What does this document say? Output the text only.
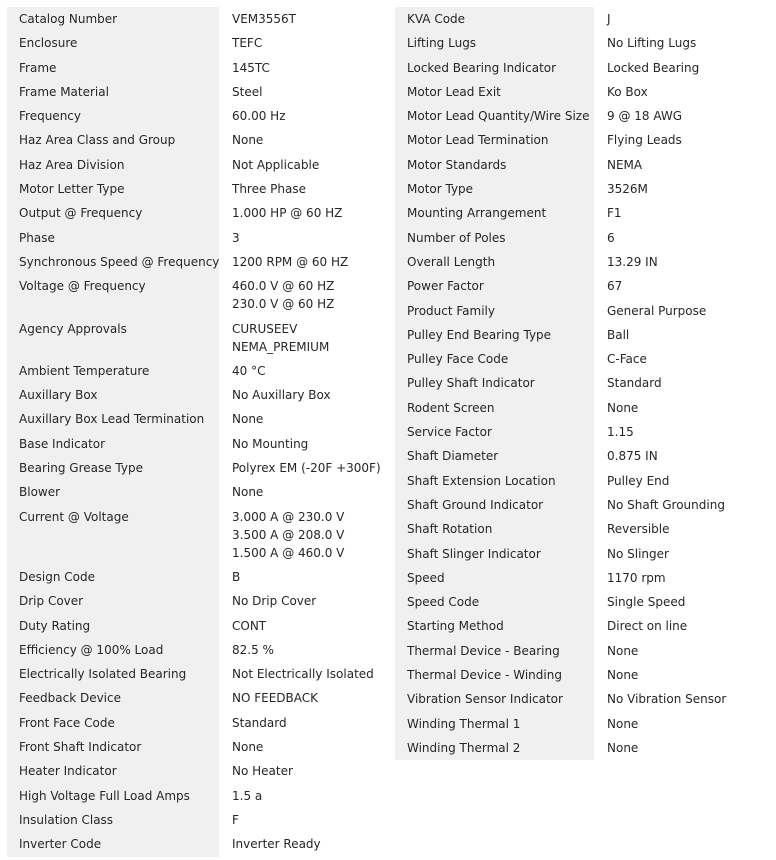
Catalog Number	VEM3556T
Enclosure	TEFC
Frame	145TC
Frame Material	Steel
Frequency	60.00 Hz
Haz Area Class and Group	None
Haz Area Division	Not Applicable
Motor Letter Type	Three Phase
Output @ Frequency	1.000 HP @ 60 HZ
Phase	3
Synchronous Speed @ Frequency 1200 RPM @ 60 HZ
Voltage @ Frequency	460.0 V @ 60 HZ
230.0 V @ 60 HZ
Agency Approvals	CURUSEEV
NEMA_PREMIUM
Ambient Temperature	40 °C
Auxillary Box	No Auxillary Box
Auxillary Box Lead Termination	None
Base Indicator	No Mounting
Bearing Grease Type	Polyrex EM (-20F +300F)
Blower	None
Current @ Voltage	3.000 A @ 230.0 V
3.500 A @ 208.0 V
1.500 A @ 460.0 V
Design Code	B
Drip Cover	No Drip Cover
Duty Rating	CONT
Efficiency @ 100% Load	82.5 %
Electrically Isolated Bearing	Not Electrically Isolated
Feedback Device	NO FEEDBACK
Front Face Code	Standard
Front Shaft Indicator	None
Heater Indicator	No Heater
High Voltage Full Load Amps	1.5 a
Insulation Class	F
Inverter Code	Inverter Ready
KVA Code	J
Lifting Lugs	No Lifting Lugs
Locked Bearing Indicator	Locked Bearing
Motor Lead Exit	Ko Box
Motor Lead Quantity/Wire Size	9 @ 18 AWG
Motor Lead Termination	Flying Leads
Motor Standards	NEMA
Motor Type	3526M
Mounting Arrangement	F1
Number of Poles	6
Overall Length	13.29 IN
Power Factor	67
Product Family	General Purpose
Pulley End Bearing Type	Ball
Pulley Face Code	C-Face
Pulley Shaft Indicator	Standard
Rodent Screen	None
Service Factor	1.15
Shaft Diameter	0.875 IN
Shaft Extension Location	Pulley End
Shaft Ground Indicator	No Shaft Grounding
Shaft Rotation	Reversible
Shaft Slinger Indicator	No Slinger
Speed	1170 rpm
Speed Code	Single Speed
Starting Method	Direct on line
Thermal Device - Bearing	None
Thermal Device - Winding	None
Vibration Sensor Indicator	No Vibration Sensor
Winding Thermal 1	None
Winding Thermal 2	None
